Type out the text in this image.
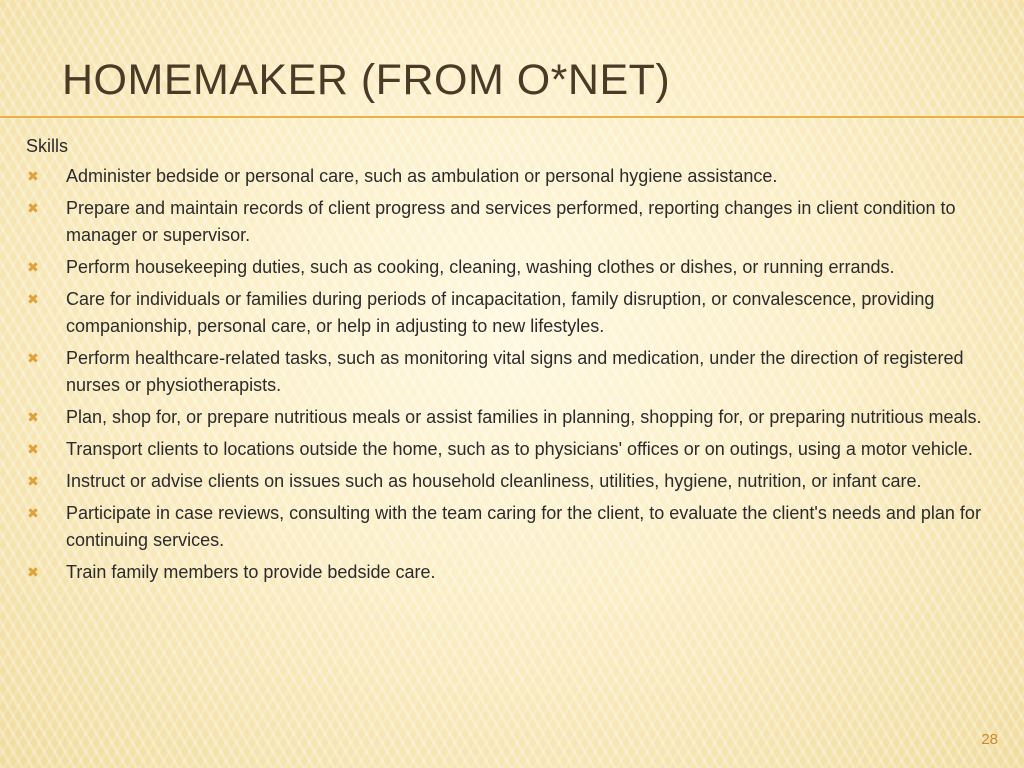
HOMEMAKER (FROM O*NET)
Skills
✖ Administer bedside or personal care, such as ambulation or personal hygiene assistance.
✖ Prepare and maintain records of client progress and services performed, reporting changes in client condition to manager or supervisor.
✖ Perform housekeeping duties, such as cooking, cleaning, washing clothes or dishes, or running errands.
✖ Care for individuals or families during periods of incapacitation, family disruption, or convalescence, providing companionship, personal care, or help in adjusting to new lifestyles.
✖ Perform healthcare-related tasks, such as monitoring vital signs and medication, under the direction of registered nurses or physiotherapists.
✖ Plan, shop for, or prepare nutritious meals or assist families in planning, shopping for, or preparing nutritious meals.
✖ Transport clients to locations outside the home, such as to physicians' offices or on outings, using a motor vehicle.
✖ Instruct or advise clients on issues such as household cleanliness, utilities, hygiene, nutrition, or infant care.
✖ Participate in case reviews, consulting with the team caring for the client, to evaluate the client's needs and plan for continuing services.
✖ Train family members to provide bedside care.
28
